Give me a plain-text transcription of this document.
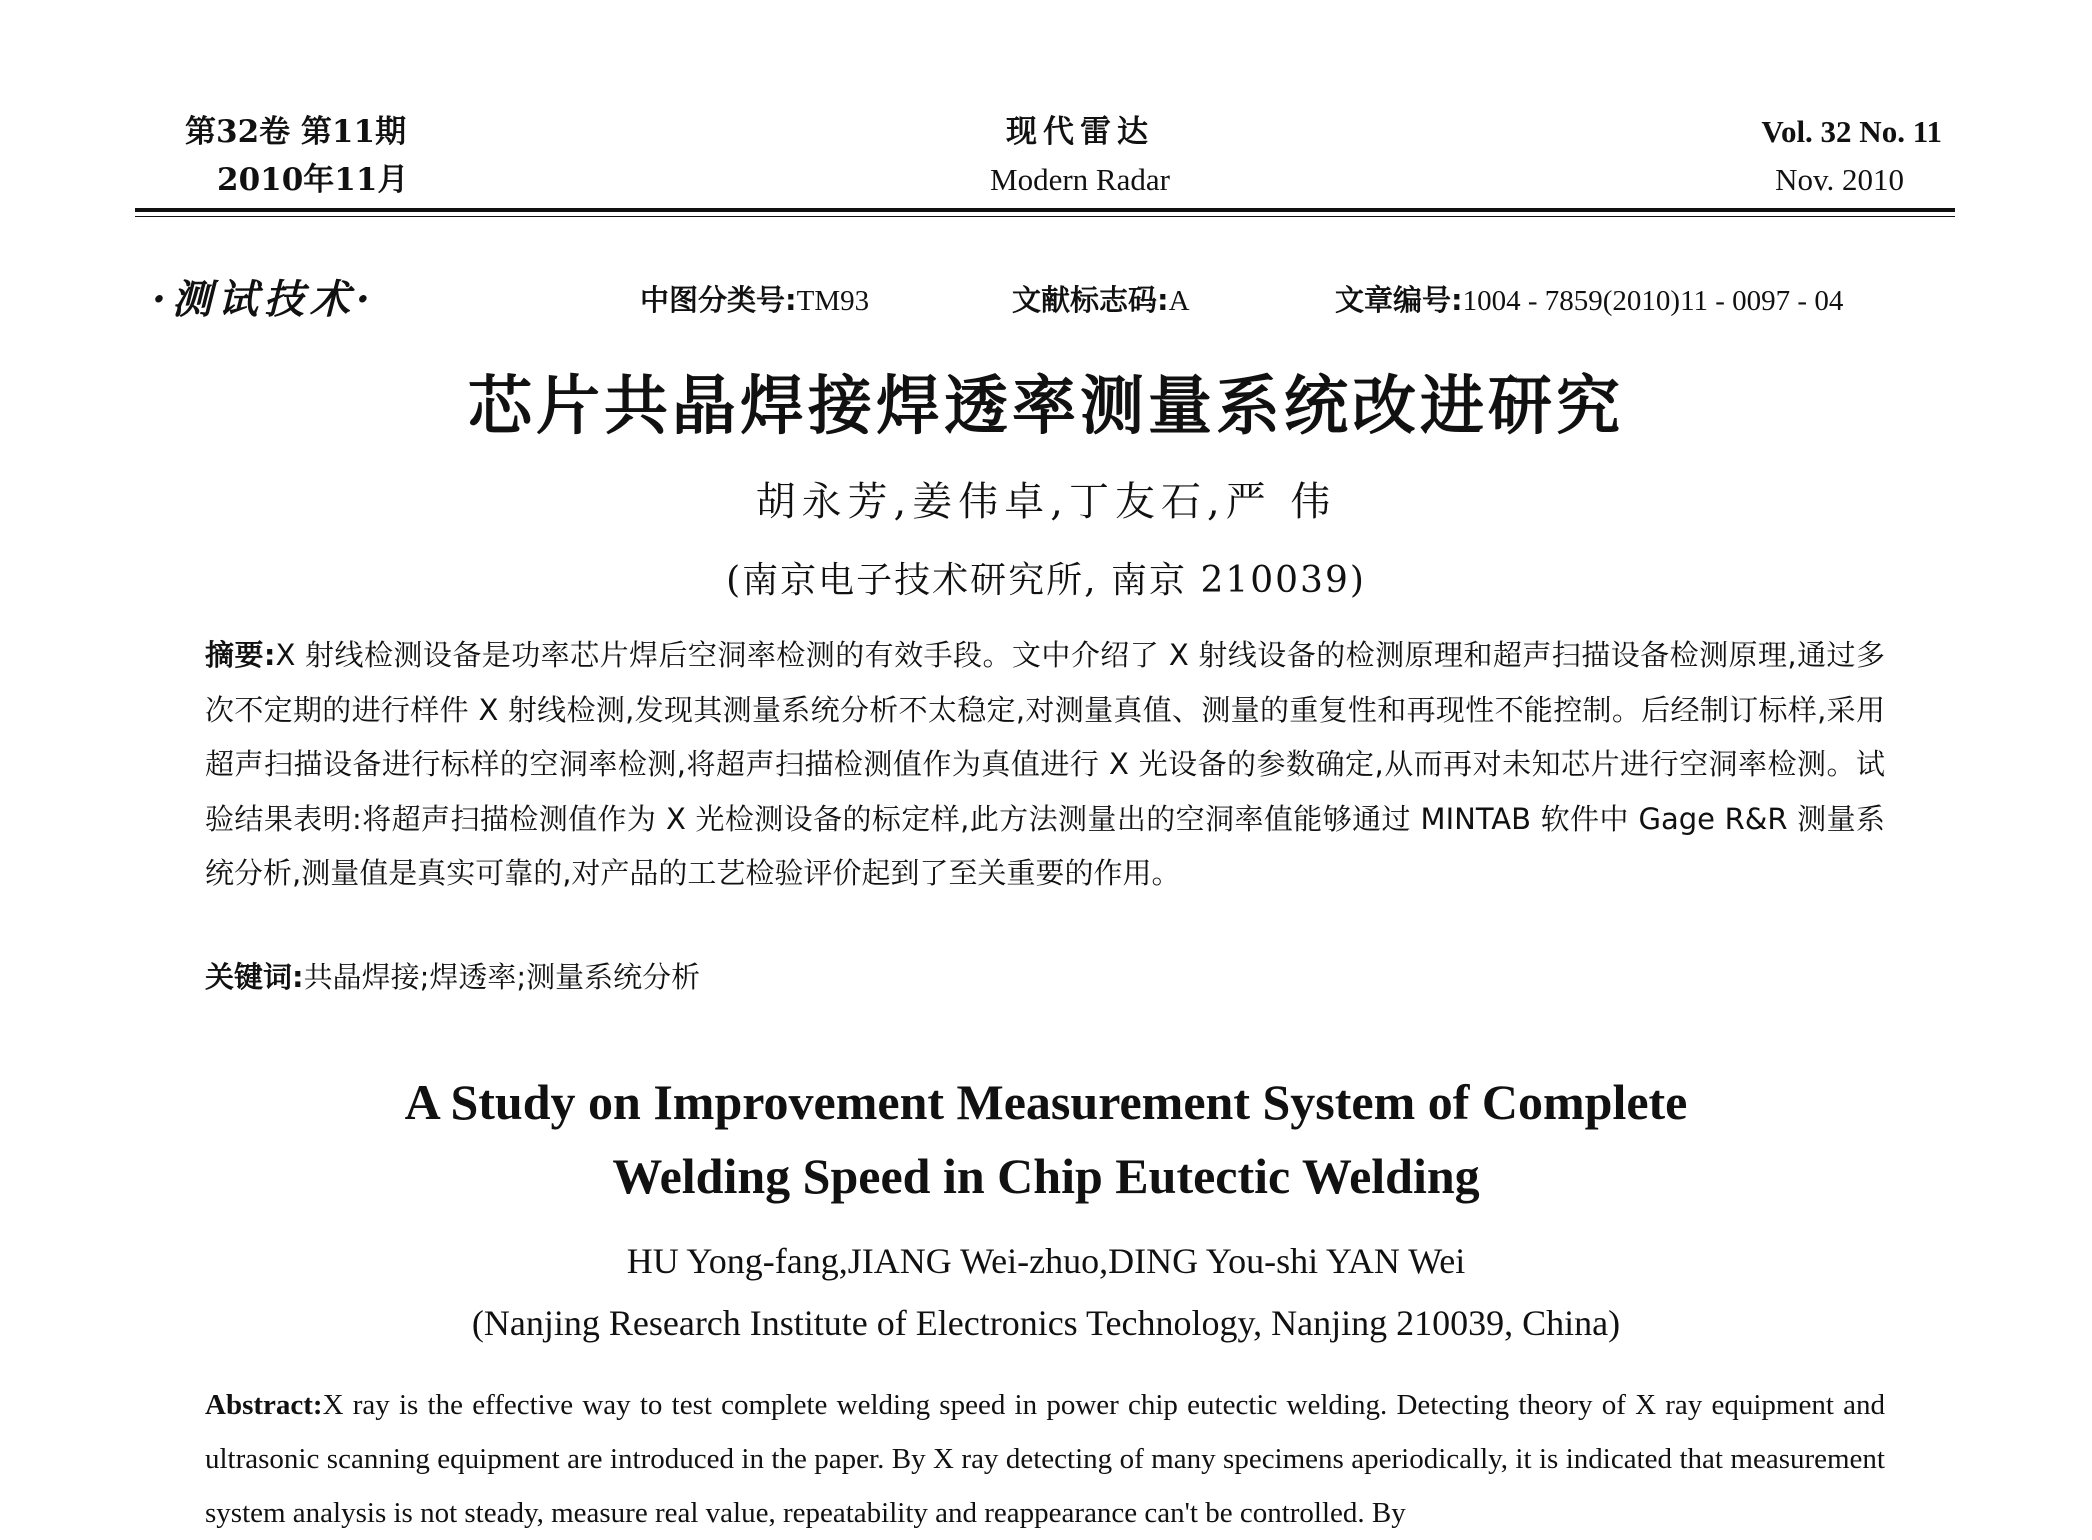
第32卷 第11期
2010年11月
现代雷达
Modern Radar
Vol. 32 No. 11
Nov. 2010
·测试技术·	中图分类号:TM93	文献标志码:A	文章编号:1004 - 7859(2010)11 - 0097 - 04
芯片共晶焊接焊透率测量系统改进研究
胡永芳,姜伟卓,丁友石,严 伟
(南京电子技术研究所, 南京 210039)
摘要:X 射线检测设备是功率芯片焊后空洞率检测的有效手段。文中介绍了 X 射线设备的检测原理和超声扫描设备检测原理,通过多次不定期的进行样件 X 射线检测,发现其测量系统分析不太稳定,对测量真值、测量的重复性和再现性不能控制。后经制订标样,采用超声扫描设备进行标样的空洞率检测,将超声扫描检测值作为真值进行 X 光设备的参数确定,从而再对未知芯片进行空洞率检测。试验结果表明:将超声扫描检测值作为 X 光检测设备的标定样,此方法测量出的空洞率值能够通过 MINTAB 软件中 Gage R&R 测量系统分析,测量值是真实可靠的,对产品的工艺检验评价起到了至关重要的作用。
关键词:共晶焊接;焊透率;测量系统分析
A Study on Improvement Measurement System of Complete
Welding Speed in Chip Eutectic Welding
HU Yong-fang,JIANG Wei-zhuo,DING You-shi YAN Wei
(Nanjing Research Institute of Electronics Technology, Nanjing 210039, China)
Abstract:X ray is the effective way to test complete welding speed in power chip eutectic welding. Detecting theory of X ray equipment and ultrasonic scanning equipment are introduced in the paper. By X ray detecting of many specimens aperiodically, it is indicated that measurement system analysis is not steady, measure real value, repeatability and reappearance can't be controlled. By
